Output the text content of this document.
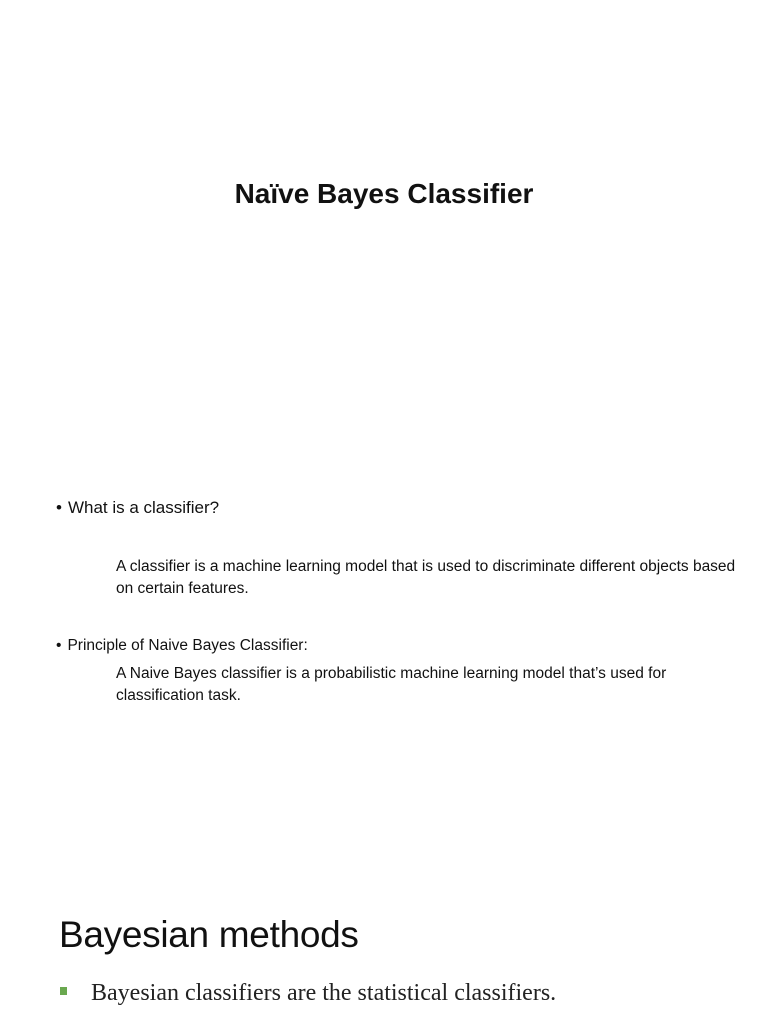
Naïve Bayes Classifier
• What is a classifier?
A classifier is a machine learning model that is used to discriminate different objects based on certain features.
• Principle of Naive Bayes Classifier:
A Naive Bayes classifier is a probabilistic machine learning model that’s used for classification task.
Bayesian methods
Bayesian classifiers are the statistical classifiers.
